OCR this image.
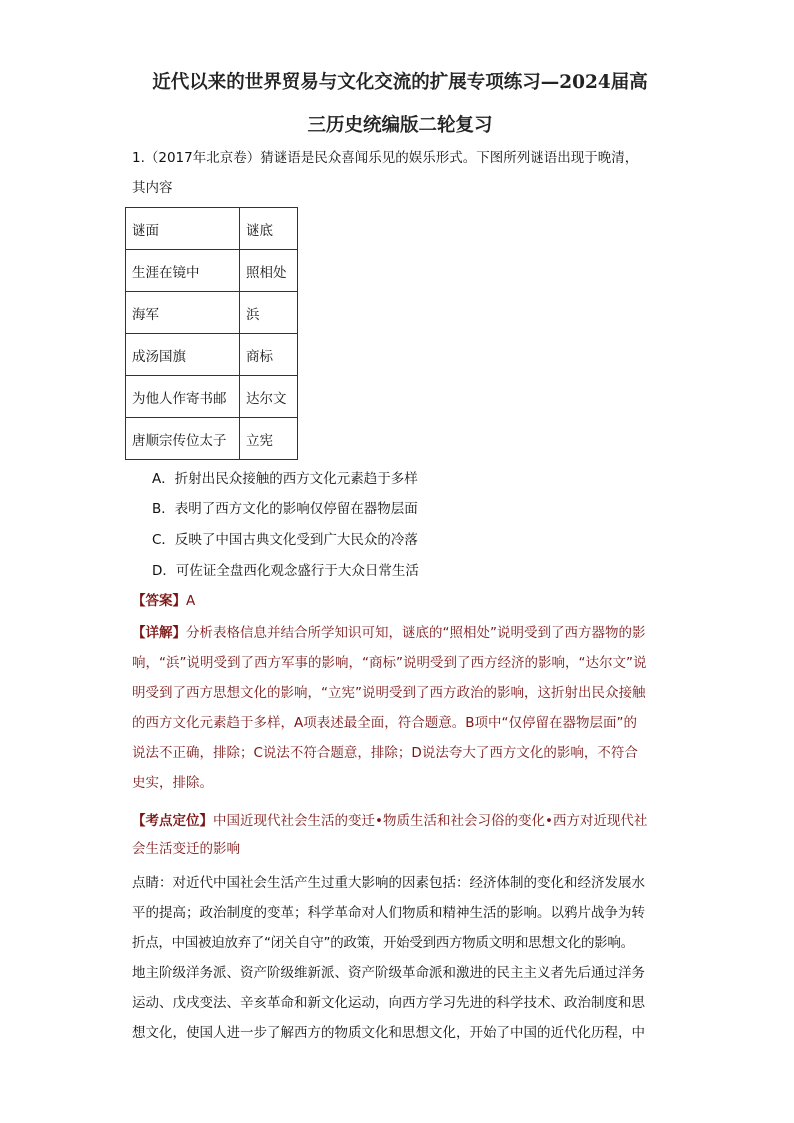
近代以来的世界贸易与文化交流的扩展专项练习—2024届高
三历史统编版二轮复习
1.（2017年北京卷）猜谜语是民众喜闻乐见的娱乐形式。下图所列谜语出现于晚清，
其内容
谜面	谜底
生涯在镜中	照相处
海军	浜
成汤国旗	商标
为他人作寄书邮	达尔文
唐顺宗传位太子	立宪
A．折射出民众接触的西方文化元素趋于多样
B．表明了西方文化的影响仅停留在器物层面
C．反映了中国古典文化受到广大民众的冷落
D．可佐证全盘西化观念盛行于大众日常生活
【答案】A
【详解】分析表格信息并结合所学知识可知，谜底的“照相处”说明受到了西方器物的影
响，“浜”说明受到了西方军事的影响，“商标”说明受到了西方经济的影响，“达尔文”说
明受到了西方思想文化的影响，“立宪”说明受到了西方政治的影响，这折射出民众接触
的西方文化元素趋于多样，A项表述最全面，符合题意。B项中“仅停留在器物层面”的
说法不正确，排除；C说法不符合题意，排除；D说法夸大了西方文化的影响，不符合
史实，排除。
【考点定位】中国近现代社会生活的变迁•物质生活和社会习俗的变化•西方对近现代社
会生活变迁的影响
点睛：对近代中国社会生活产生过重大影响的因素包括：经济体制的变化和经济发展水
平的提高；政治制度的变革；科学革命对人们物质和精神生活的影响。以鸦片战争为转
折点，中国被迫放弃了“闭关自守”的政策，开始受到西方物质文明和思想文化的影响。
地主阶级洋务派、资产阶级维新派、资产阶级革命派和激进的民主主义者先后通过洋务
运动、戊戌变法、辛亥革命和新文化运动，向西方学习先进的科学技术、政治制度和思
想文化，使国人进一步了解西方的物质文化和思想文化，开始了中国的近代化历程，中
